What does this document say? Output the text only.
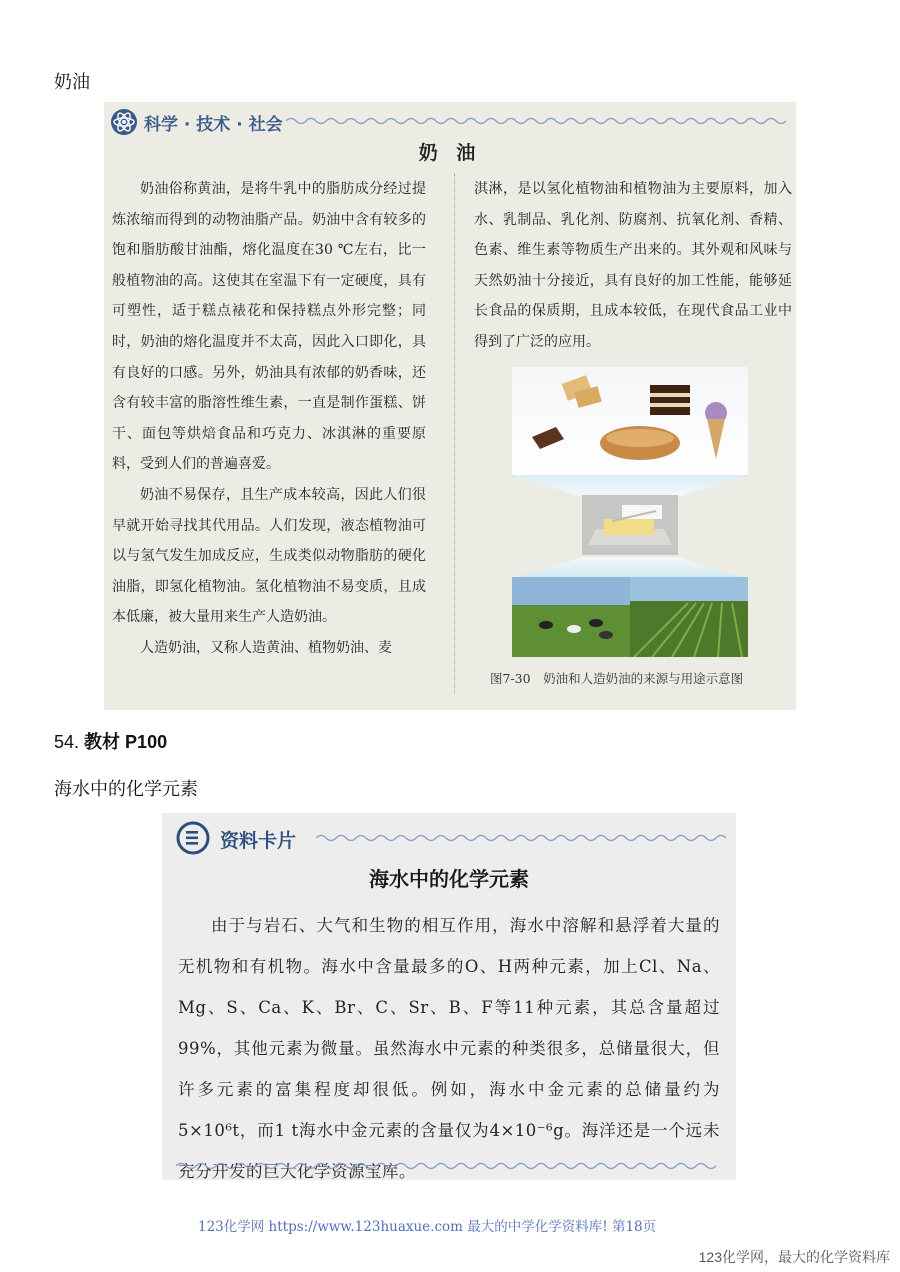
奶油
科学 · 技术 · 社会
奶 油

奶油俗称黄油，是将牛乳中的脂肪成分经过提炼浓缩而得到的动物油脂产品。奶油中含有较多的饱和脂肪酸甘油酯，熔化温度在30 ℃左右，比一般植物油的高。这使其在室温下有一定硬度，具有可塑性，适于糕点裱花和保持糕点外形完整；同时，奶油的熔化温度并不太高，因此入口即化，具有良好的口感。另外，奶油具有浓郁的奶香味，还含有较丰富的脂溶性维生素，一直是制作蛋糕、饼干、面包等烘焙食品和巧克力、冰淇淋的重要原料，受到人们的普遍喜爱。

奶油不易保存，且生产成本较高，因此人们很早就开始寻找其代用品。人们发现，液态植物油可以与氢气发生加成反应，生成类似动物脂肪的硬化油脂，即氢化植物油。氢化植物油不易变质，且成本低廉，被大量用来生产人造奶油。

人造奶油，又称人造黄油、植物奶油、麦

淇淋，是以氢化植物油和植物油为主要原料，加入水、乳制品、乳化剂、防腐剂、抗氧化剂、香精、色素、维生素等物质生产出来的。其外观和风味与天然奶油十分接近，具有良好的加工性能，能够延长食品的保质期，且成本较低，在现代食品工业中得到了广泛的应用。

图7-30　奶油和人造奶油的来源与用途示意图
54. 教材 P100
海水中的化学元素
资料卡片
海水中的化学元素

由于与岩石、大气和生物的相互作用，海水中溶解和悬浮着大量的无机物和有机物。海水中含量最多的O、H两种元素，加上Cl、Na、Mg、S、Ca、K、Br、C、Sr、B、F等11种元素，其总含量超过99%，其他元素为微量。虽然海水中元素的种类很多，总储量很大，但许多元素的富集程度却很低。例如，海水中金元素的总储量约为5×10⁶t，而1 t海水中金元素的含量仅为4×10⁻⁶g。海洋还是一个远未充分开发的巨大化学资源宝库。

123化学网 https://www.123huaxue.com 最大的中学化学资料库! 第18页
123化学网，最大的化学资料库
